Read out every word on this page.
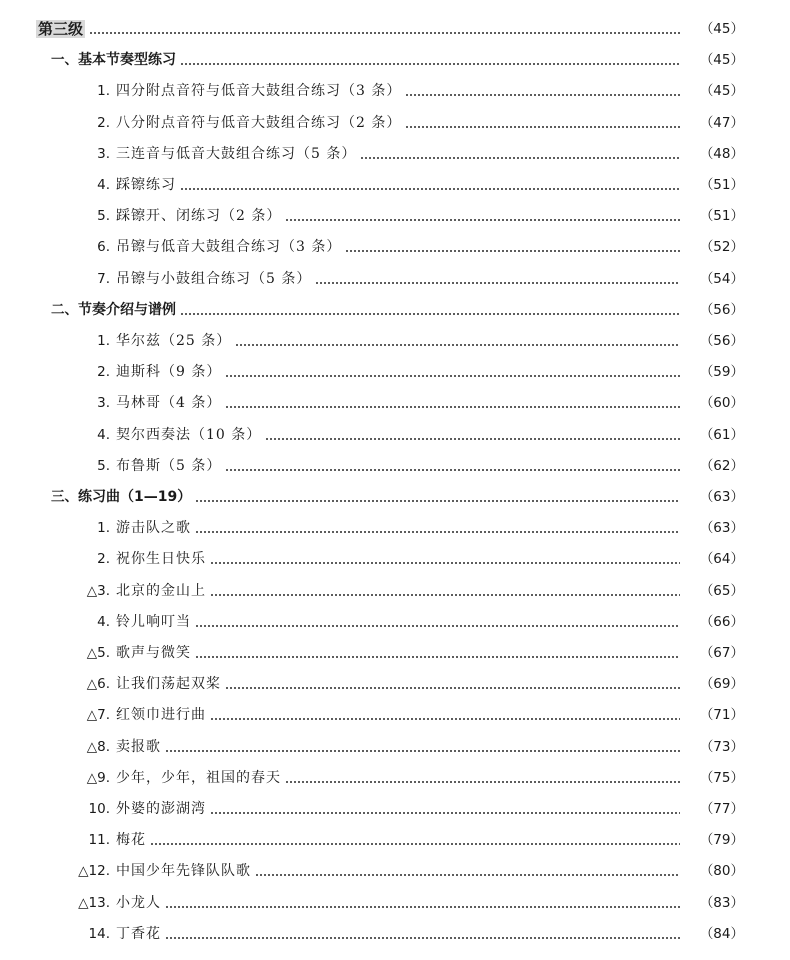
第三级	（45）
一、 基本节奏型练习	（45）
1. 四分附点音符与低音大鼓组合练习（3 条）	（45）
2. 八分附点音符与低音大鼓组合练习（2 条）	（47）
3. 三连音与低音大鼓组合练习（5 条）	（48）
4. 踩镲练习	（51）
5. 踩镲开、闭练习（2 条）	（51）
6. 吊镲与低音大鼓组合练习（3 条）	（52）
7. 吊镲与小鼓组合练习（5 条）	（54）
二、 节奏介绍与谱例	（56）
1. 华尔兹（25 条）	（56）
2. 迪斯科（9 条）	（59）
3. 马林哥（4 条）	（60）
4. 契尔西奏法（10 条）	（61）
5. 布鲁斯（5 条）	（62）
三、 练习曲（1—19）	（63）
1. 游击队之歌	（63）
2. 祝你生日快乐	（64）
△3. 北京的金山上	（65）
4. 铃儿响叮当	（66）
△5. 歌声与微笑	（67）
△6. 让我们荡起双桨	（69）
△7. 红领巾进行曲	（71）
△8. 卖报歌	（73）
△9. 少年，少年，祖国的春天	（75）
10. 外婆的澎湖湾	（77）
11. 梅花	（79）
△12. 中国少年先锋队队歌	（80）
△13. 小龙人	（83）
14. 丁香花	（84）
